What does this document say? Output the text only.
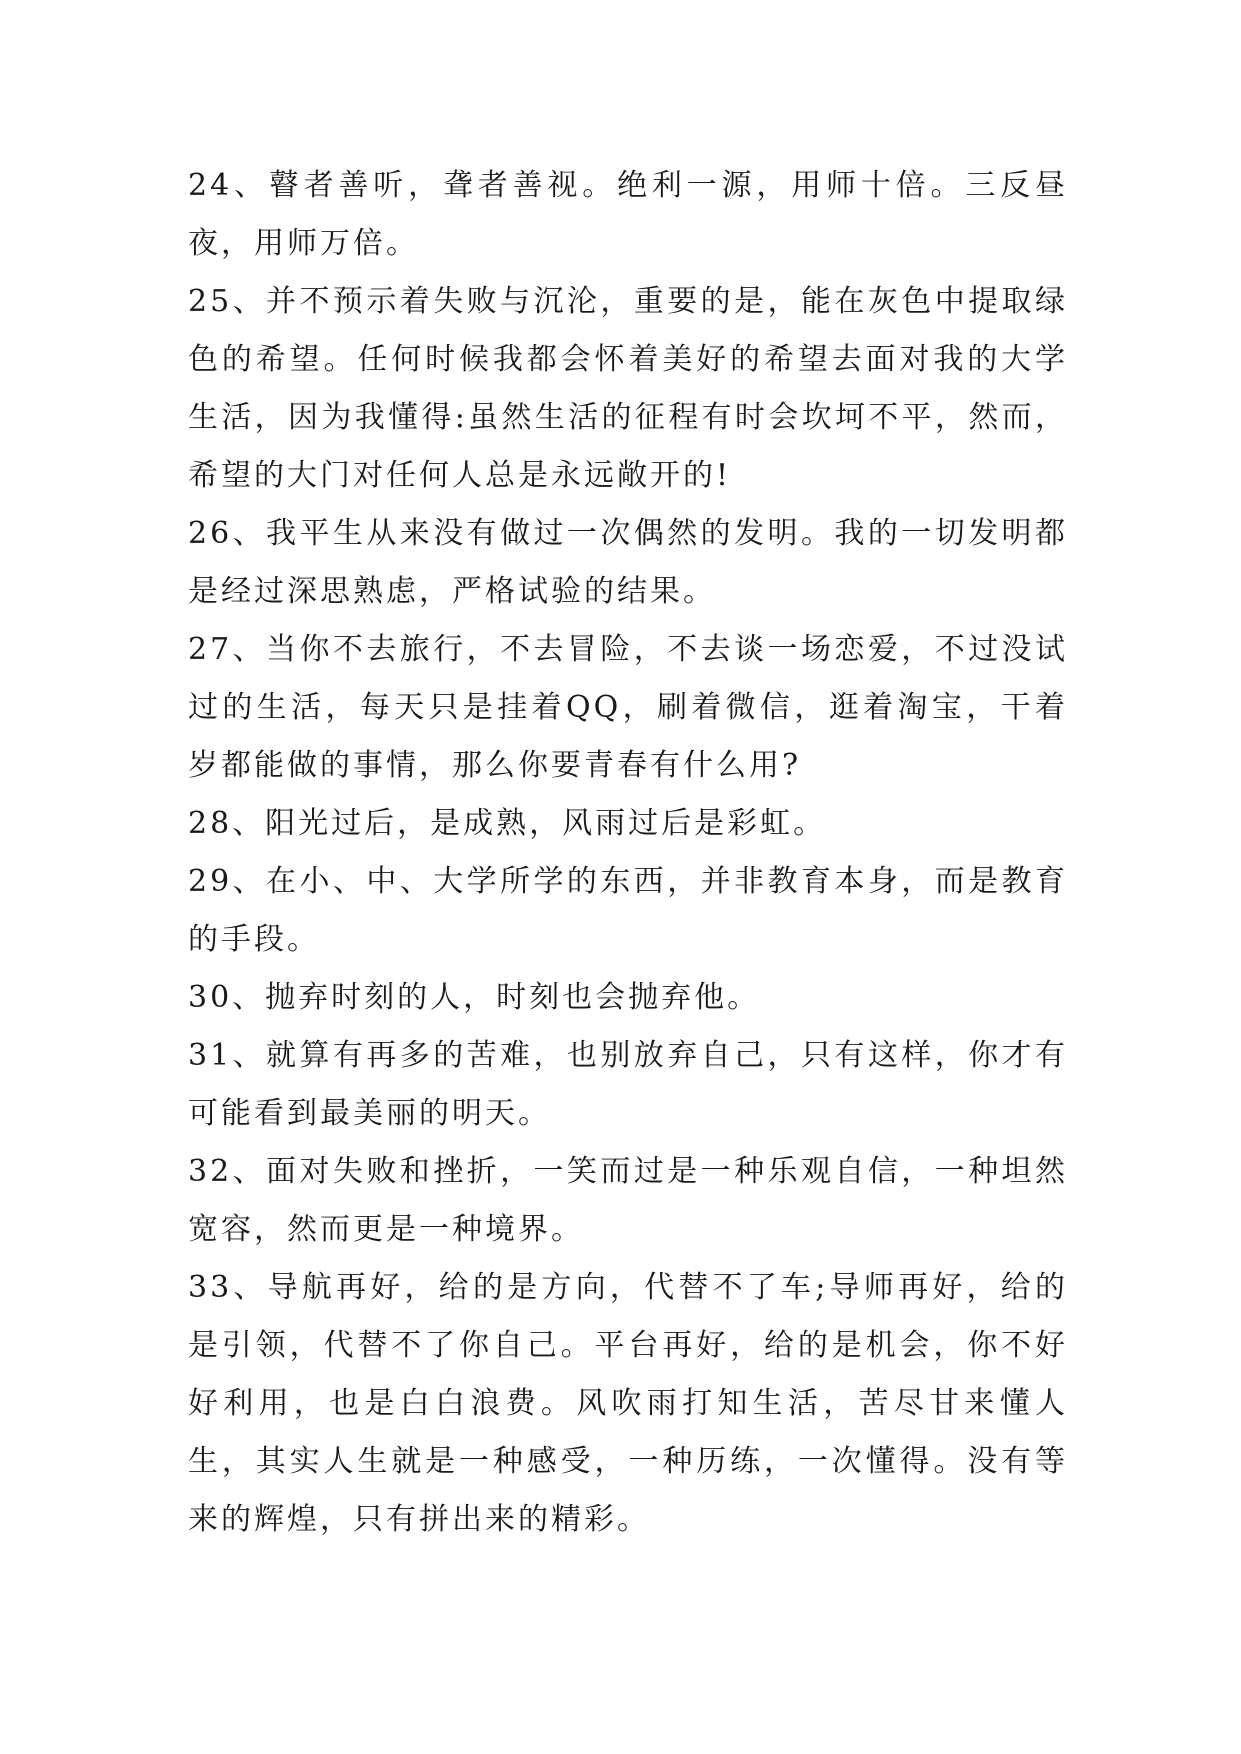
24、瞽者善听，聋者善视。绝利一源，用师十倍。三反昼夜，用师万倍。

25、并不预示着失败与沉沦，重要的是，能在灰色中提取绿色的希望。任何时候我都会怀着美好的希望去面对我的大学生活，因为我懂得:虽然生活的征程有时会坎坷不平，然而，希望的大门对任何人总是永远敞开的!

26、我平生从来没有做过一次偶然的发明。我的一切发明都是经过深思熟虑，严格试验的结果。

27、当你不去旅行，不去冒险，不去谈一场恋爱，不过没试过的生活，每天只是挂着QQ，刷着微信，逛着淘宝，干着岁都能做的事情，那么你要青春有什么用?

28、阳光过后，是成熟，风雨过后是彩虹。

29、在小、中、大学所学的东西，并非教育本身，而是教育的手段。

30、抛弃时刻的人，时刻也会抛弃他。

31、就算有再多的苦难，也别放弃自己，只有这样，你才有可能看到最美丽的明天。

32、面对失败和挫折，一笑而过是一种乐观自信，一种坦然宽容，然而更是一种境界。

33、导航再好，给的是方向，代替不了车;导师再好，给的是引领，代替不了你自己。平台再好，给的是机会，你不好好利用，也是白白浪费。风吹雨打知生活，苦尽甘来懂人生，其实人生就是一种感受，一种历练，一次懂得。没有等来的辉煌，只有拼出来的精彩。
